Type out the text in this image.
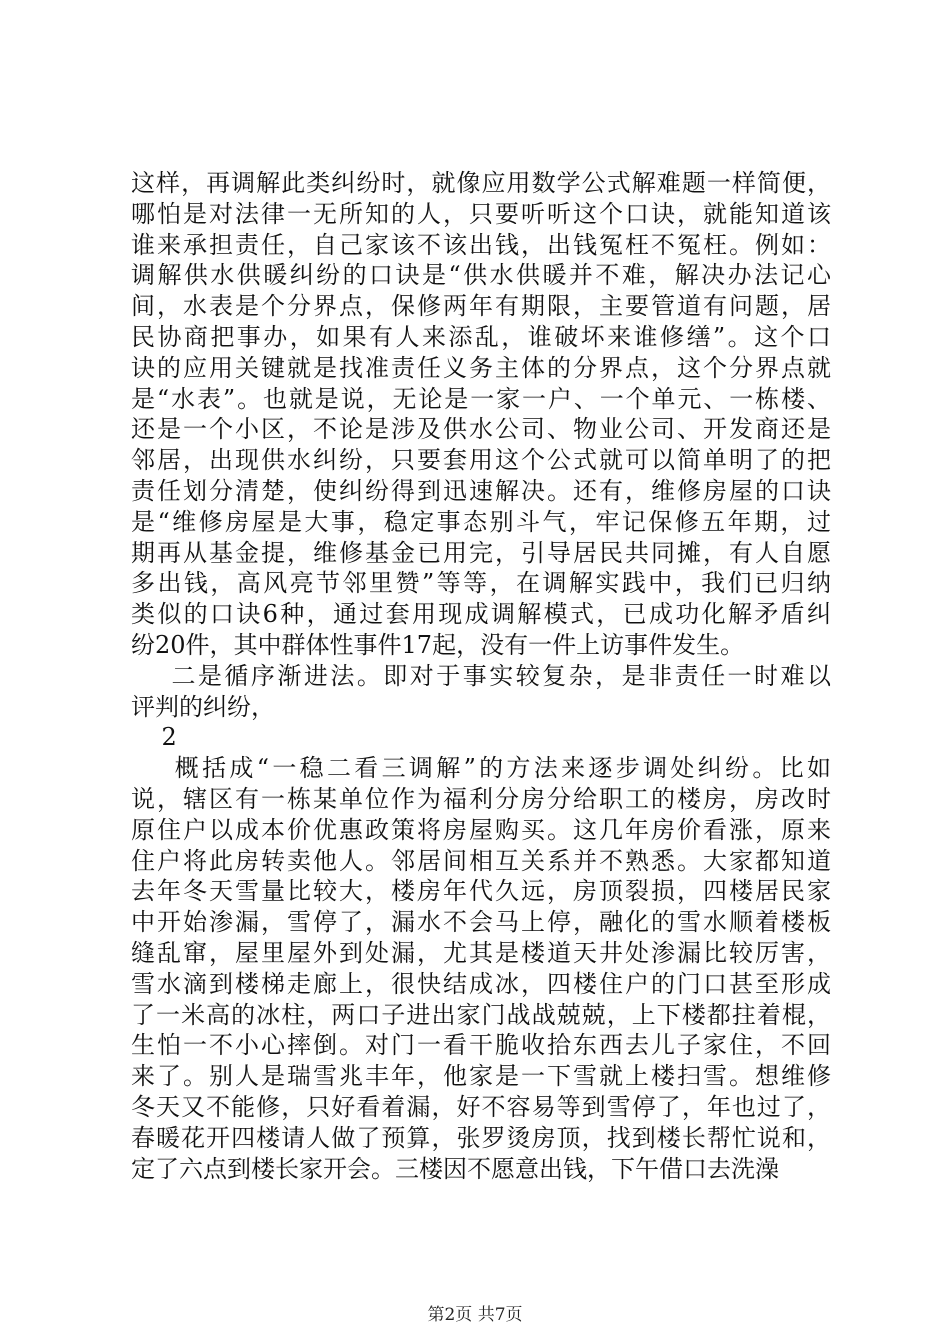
这样，再调解此类纠纷时，就像应用数学公式解难题一样简便，
哪怕是对法律一无所知的人，只要听听这个口诀，就能知道该
谁来承担责任，自己家该不该出钱，出钱冤枉不冤枉。例如：
调解供水供暖纠纷的口诀是“供水供暖并不难，解决办法记心
间，水表是个分界点，保修两年有期限，主要管道有问题，居
民协商把事办，如果有人来添乱，谁破坏来谁修缮”。这个口
诀的应用关键就是找准责任义务主体的分界点，这个分界点就
是“水表”。也就是说，无论是一家一户、一个单元、一栋楼、
还是一个小区，不论是涉及供水公司、物业公司、开发商还是
邻居，出现供水纠纷，只要套用这个公式就可以简单明了的把
责任划分清楚，使纠纷得到迅速解决。还有，维修房屋的口诀
是“维修房屋是大事，稳定事态别斗气，牢记保修五年期，过
期再从基金提，维修基金已用完，引导居民共同摊，有人自愿
多出钱，高风亮节邻里赞”等等，在调解实践中，我们已归纳
类似的口诀6种，通过套用现成调解模式，已成功化解矛盾纠
纷20件，其中群体性事件17起，没有一件上访事件发生。
二是循序渐进法。即对于事实较复杂，是非责任一时难以
评判的纠纷，
2
概括成“一稳二看三调解”的方法来逐步调处纠纷。比如
说，辖区有一栋某单位作为福利分房分给职工的楼房，房改时
原住户以成本价优惠政策将房屋购买。这几年房价看涨，原来
住户将此房转卖他人。邻居间相互关系并不熟悉。大家都知道
去年冬天雪量比较大，楼房年代久远，房顶裂损，四楼居民家
中开始渗漏，雪停了，漏水不会马上停，融化的雪水顺着楼板
缝乱窜，屋里屋外到处漏，尤其是楼道天井处渗漏比较厉害，
雪水滴到楼梯走廊上，很快结成冰，四楼住户的门口甚至形成
了一米高的冰柱，两口子进出家门战战兢兢，上下楼都拄着棍，
生怕一不小心摔倒。对门一看干脆收拾东西去儿子家住，不回
来了。别人是瑞雪兆丰年，他家是一下雪就上楼扫雪。想维修
冬天又不能修，只好看着漏，好不容易等到雪停了，年也过了，
春暖花开四楼请人做了预算，张罗烫房顶，找到楼长帮忙说和，
定了六点到楼长家开会。三楼因不愿意出钱，下午借口去洗澡
第2页 共7页
